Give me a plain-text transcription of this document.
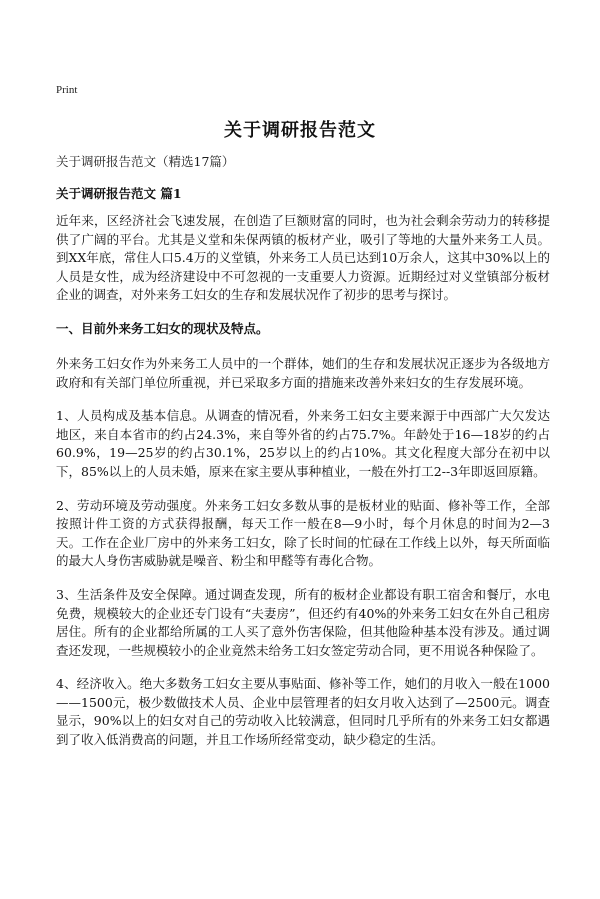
Print
关于调研报告范文
关于调研报告范文（精选17篇）
关于调研报告范文 篇1

近年来，区经济社会飞速发展，在创造了巨额财富的同时，也为社会剩余劳动力的转移提供了广阔的平台。尤其是义堂和朱保两镇的板材产业，吸引了等地的大量外来务工人员。到XX年底，常住人口5.4万的义堂镇，外来务工人员已达到10万余人，这其中30%以上的人员是女性，成为经济建设中不可忽视的一支重要人力资源。近期经过对义堂镇部分板材企业的调查，对外来务工妇女的生存和发展状况作了初步的思考与探讨。

一、目前外来务工妇女的现状及特点。

外来务工妇女作为外来务工人员中的一个群体，她们的生存和发展状况正逐步为各级地方政府和有关部门单位所重视，并已采取多方面的措施来改善外来妇女的生存发展环境。

1、人员构成及基本信息。从调查的情况看，外来务工妇女主要来源于中西部广大欠发达地区，来自本省市的约占24.3%，来自等外省的约占75.7%。年龄处于16—18岁的约占60.9%，19—25岁的约占30.1%，25岁以上的约占10%。其文化程度大部分在初中以下，85%以上的人员未婚，原来在家主要从事种植业，一般在外打工2--3年即返回原籍。

2、劳动环境及劳动强度。外来务工妇女多数从事的是板材业的贴面、修补等工作，全部按照计件工资的方式获得报酬，每天工作一般在8—9小时，每个月休息的时间为2—3天。工作在企业厂房中的外来务工妇女，除了长时间的忙碌在工作线上以外，每天所面临的最大人身伤害威胁就是噪音、粉尘和甲醛等有毒化合物。

3、生活条件及安全保障。通过调查发现，所有的板材企业都设有职工宿舍和餐厅，水电免费，规模较大的企业还专门设有“夫妻房”，但还约有40%的外来务工妇女在外自己租房居住。所有的企业都给所属的工人买了意外伤害保险，但其他险种基本没有涉及。通过调查还发现，一些规模较小的企业竟然未给务工妇女签定劳动合同，更不用说各种保险了。

4、经济收入。绝大多数务工妇女主要从事贴面、修补等工作，她们的月收入一般在1000——1500元，极少数做技术人员、企业中层管理者的妇女月收入达到了—2500元。调查显示，90%以上的妇女对自己的劳动收入比较满意，但同时几乎所有的外来务工妇女都遇到了收入低消费高的问题，并且工作场所经常变动，缺少稳定的生活。
